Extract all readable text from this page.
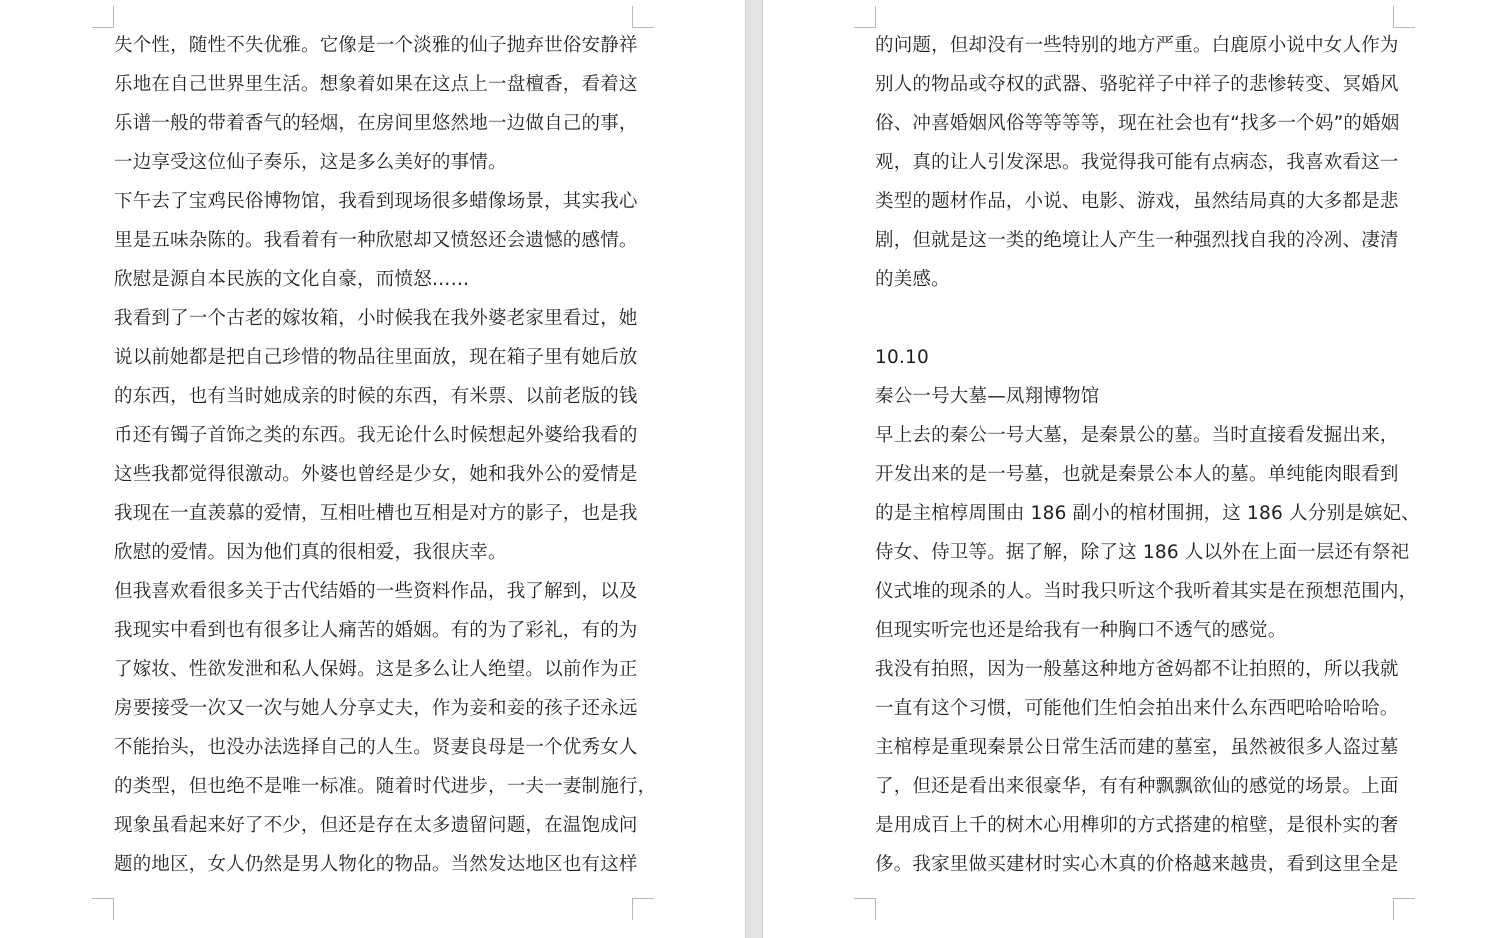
失个性，随性不失优雅。它像是一个淡雅的仙子抛弃世俗安静祥
乐地在自己世界里生活。想象着如果在这点上一盘檀香，看着这
乐谱一般的带着香气的轻烟，在房间里悠然地一边做自己的事，
一边享受这位仙子奏乐，这是多么美好的事情。
下午去了宝鸡民俗博物馆，我看到现场很多蜡像场景，其实我心
里是五味杂陈的。我看着有一种欣慰却又愤怒还会遗憾的感情。
欣慰是源自本民族的文化自豪，而愤怒……
我看到了一个古老的嫁妆箱，小时候我在我外婆老家里看过，她
说以前她都是把自己珍惜的物品往里面放，现在箱子里有她后放
的东西，也有当时她成亲的时候的东西，有米票、以前老版的钱
币还有镯子首饰之类的东西。我无论什么时候想起外婆给我看的
这些我都觉得很激动。外婆也曾经是少女，她和我外公的爱情是
我现在一直羡慕的爱情，互相吐槽也互相是对方的影子，也是我
欣慰的爱情。因为他们真的很相爱，我很庆幸。
但我喜欢看很多关于古代结婚的一些资料作品，我了解到，以及
我现实中看到也有很多让人痛苦的婚姻。有的为了彩礼，有的为
了嫁妆、性欲发泄和私人保姆。这是多么让人绝望。以前作为正
房要接受一次又一次与她人分享丈夫，作为妾和妾的孩子还永远
不能抬头，也没办法选择自己的人生。贤妻良母是一个优秀女人
的类型，但也绝不是唯一标准。随着时代进步，一夫一妻制施行，
现象虽看起来好了不少，但还是存在太多遗留问题，在温饱成问
题的地区，女人仍然是男人物化的物品。当然发达地区也有这样
的问题，但却没有一些特别的地方严重。白鹿原小说中女人作为
别人的物品或夺权的武器、骆驼祥子中祥子的悲惨转变、冥婚风
俗、冲喜婚姻风俗等等等等，现在社会也有“找多一个妈”的婚姻
观，真的让人引发深思。我觉得我可能有点病态，我喜欢看这一
类型的题材作品，小说、电影、游戏，虽然结局真的大多都是悲
剧，但就是这一类的绝境让人产生一种强烈找自我的冷冽、凄清
的美感。
10.10
秦公一号大墓—凤翔博物馆
早上去的秦公一号大墓，是秦景公的墓。当时直接看发掘出来，
开发出来的是一号墓，也就是秦景公本人的墓。单纯能肉眼看到
的是主棺椁周围由 186 副小的棺材围拥，这 186 人分别是嫔妃、
侍女、侍卫等。据了解，除了这 186 人以外在上面一层还有祭祀
仪式堆的现杀的人。当时我只听这个我听着其实是在预想范围内，
但现实听完也还是给我有一种胸口不透气的感觉。
我没有拍照，因为一般墓这种地方爸妈都不让拍照的，所以我就
一直有这个习惯，可能他们生怕会拍出来什么东西吧哈哈哈哈。
主棺椁是重现秦景公日常生活而建的墓室，虽然被很多人盗过墓
了，但还是看出来很豪华，有有种飘飘欲仙的感觉的场景。上面
是用成百上千的树木心用榫卯的方式搭建的棺壁，是很朴实的奢
侈。我家里做买建材时实心木真的价格越来越贵，看到这里全是
